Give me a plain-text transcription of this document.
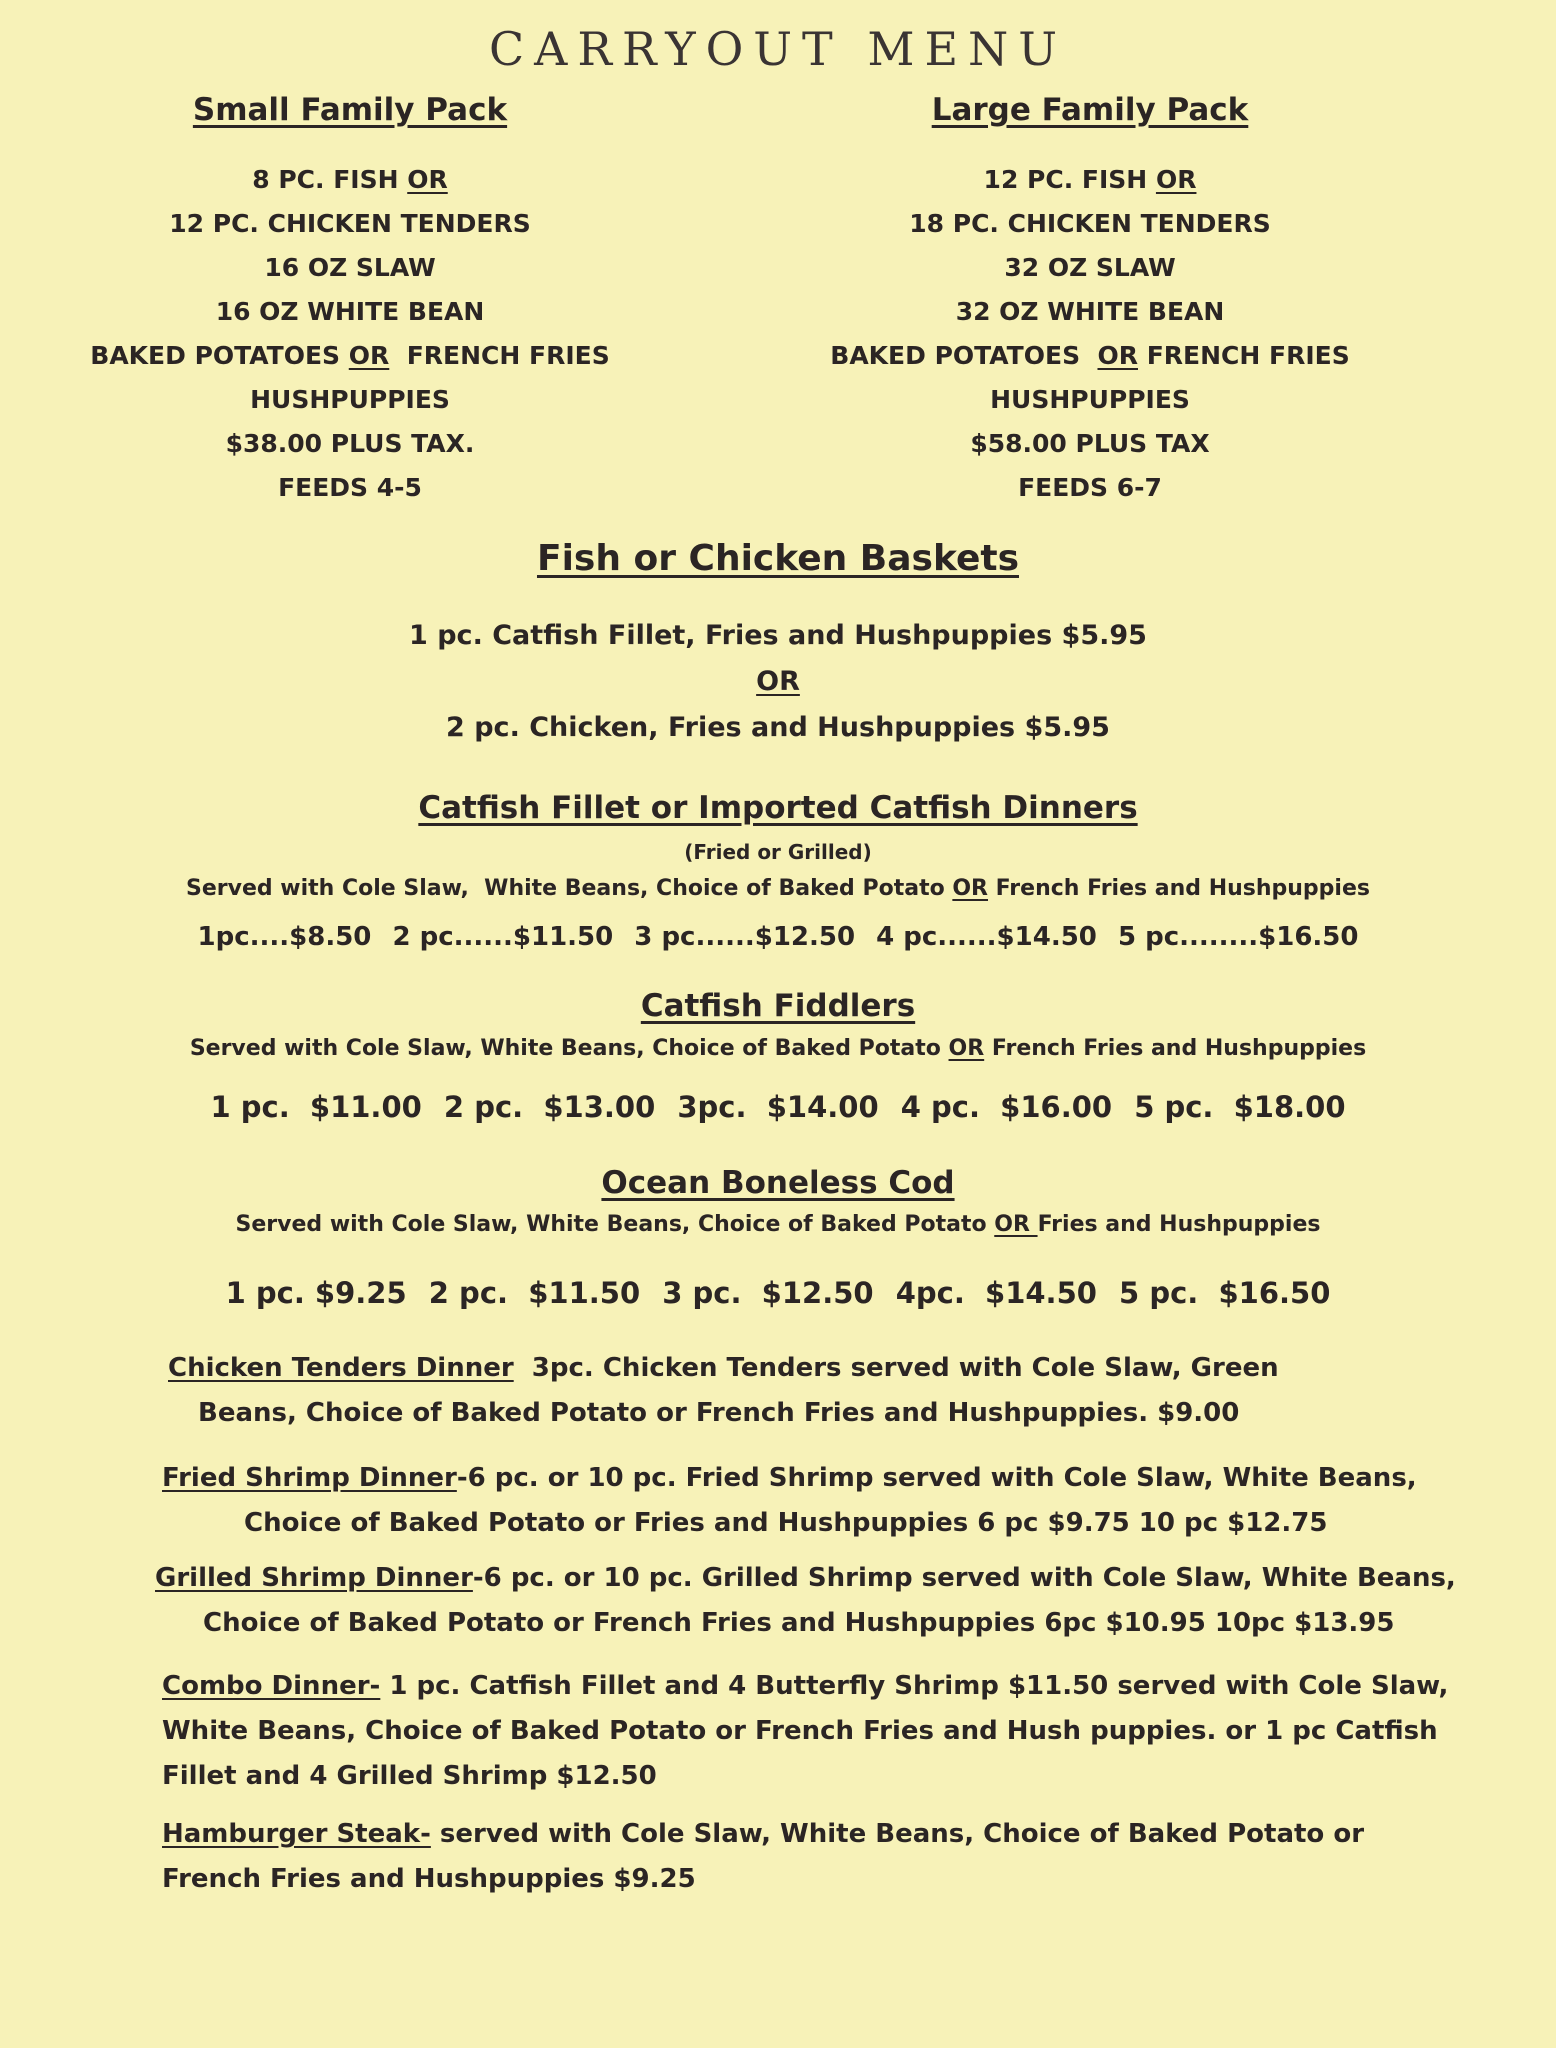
CARRYOUT MENU
Small Family Pack
8 PC. FISH OR
12 PC. CHICKEN TENDERS
16 OZ SLAW
16 OZ WHITE BEAN
BAKED POTATOES OR  FRENCH FRIES
HUSHPUPPIES
$38.00 PLUS TAX.
FEEDS 4-5
Large Family Pack
12 PC. FISH OR
18 PC. CHICKEN TENDERS
32 OZ SLAW
32 OZ WHITE BEAN
BAKED POTATOES  OR FRENCH FRIES
HUSHPUPPIES
$58.00 PLUS TAX
FEEDS 6-7
Fish or Chicken Baskets
1 pc. Catfish Fillet, Fries and Hushpuppies $5.95
OR
2 pc. Chicken, Fries and Hushpuppies $5.95
Catfish Fillet or Imported Catfish Dinners
(Fried or Grilled)
Served with Cole Slaw,  White Beans, Choice of Baked Potato OR French Fries and Hushpuppies
1pc....$8.50 2 pc......$11.50 3 pc......$12.50 4 pc......$14.50 5 pc........$16.50
Catfish Fiddlers
Served with Cole Slaw, White Beans, Choice of Baked Potato OR French Fries and Hushpuppies
1 pc.  $11.00 2 pc.  $13.00 3pc.  $14.00 4 pc.  $16.00 5 pc.  $18.00
Ocean Boneless Cod
Served with Cole Slaw, White Beans, Choice of Baked Potato OR Fries and Hushpuppies
1 pc. $9.25 2 pc.  $11.50 3 pc.  $12.50 4pc.  $14.50 5 pc.  $16.50
Chicken Tenders Dinner  3pc. Chicken Tenders served with Cole Slaw, Green
Beans, Choice of Baked Potato or French Fries and Hushpuppies. $9.00
Fried Shrimp Dinner-6 pc. or 10 pc. Fried Shrimp served with Cole Slaw, White Beans,
Choice of Baked Potato or Fries and Hushpuppies 6 pc $9.75 10 pc $12.75
Grilled Shrimp Dinner-6 pc. or 10 pc. Grilled Shrimp served with Cole Slaw, White Beans,
Choice of Baked Potato or French Fries and Hushpuppies 6pc $10.95 10pc $13.95
Combo Dinner- 1 pc. Catfish Fillet and 4 Butterfly Shrimp $11.50 served with Cole Slaw,
White Beans, Choice of Baked Potato or French Fries and Hush puppies. or 1 pc Catfish
Fillet and 4 Grilled Shrimp $12.50
Hamburger Steak- served with Cole Slaw, White Beans, Choice of Baked Potato or
French Fries and Hushpuppies $9.25
